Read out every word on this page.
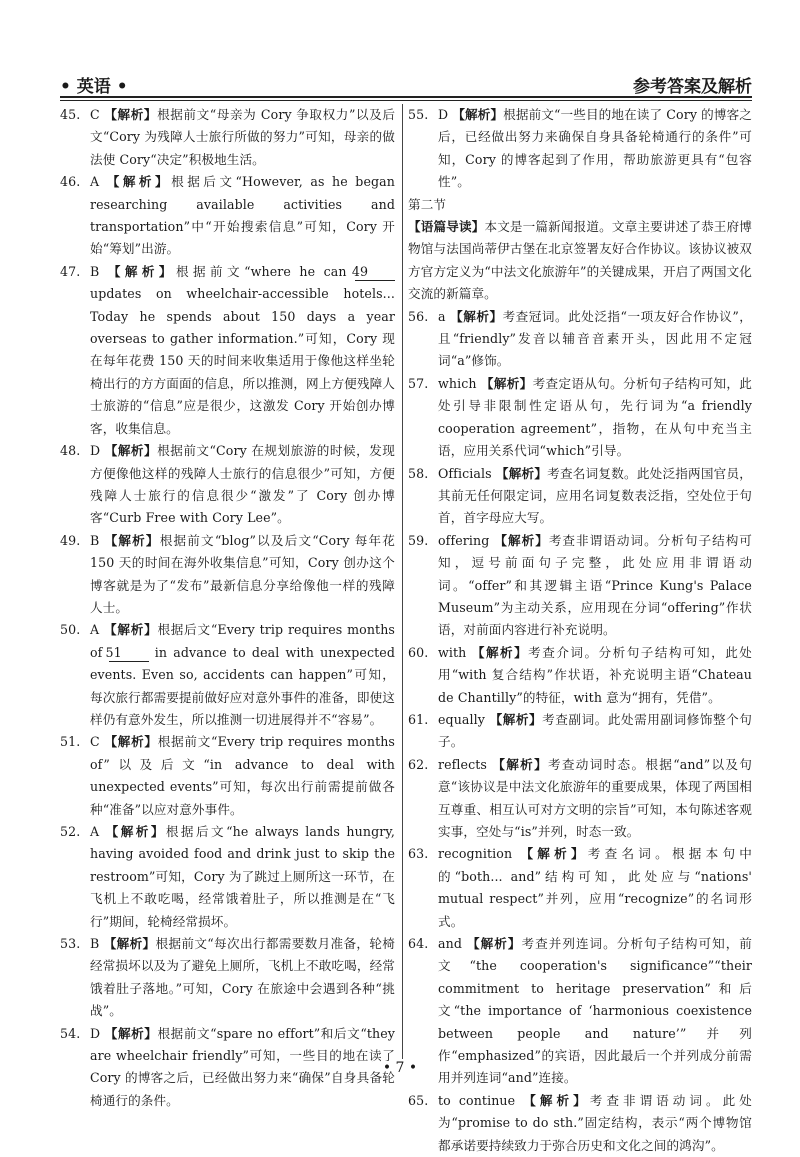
• 英语 •	参考答案及解析

45. C 【解析】根据前文“母亲为 Cory 争取权力”以及后文“Cory 为残障人士旅行所做的努力”可知，母亲的做法使 Cory“决定”积极地生活。

46. A 【解析】根据后文“However, as he began researching available activities and transportation”中“开始搜索信息”可知，Cory 开始“筹划”出游。

47. B 【解析】根据前文“where he can 49 updates on wheelchair-accessible hotels... Today he spends about 150 days a year overseas to gather information.”可知，Cory 现在每年花费 150 天的时间来收集适用于像他这样坐轮椅出行的方方面面的信息，所以推测，网上方便残障人士旅游的“信息”应是很少，这激发 Cory 开始创办博客，收集信息。

48. D 【解析】根据前文“Cory 在规划旅游的时候，发现方便像他这样的残障人士旅行的信息很少”可知，方便残障人士旅行的信息很少“激发”了 Cory 创办博客“Curb Free with Cory Lee”。

49. B 【解析】根据前文“blog”以及后文“Cory 每年花 150 天的时间在海外收集信息”可知，Cory 创办这个博客就是为了“发布”最新信息分享给像他一样的残障人士。

50. A 【解析】根据后文“Every trip requires months of 51 in advance to deal with unexpected events. Even so, accidents can happen”可知，每次旅行都需要提前做好应对意外事件的准备，即使这样仍有意外发生，所以推测一切进展得并不“容易”。

51. C 【解析】根据前文“Every trip requires months of”以及后文“in advance to deal with unexpected events”可知，每次出行前需提前做各种“准备”以应对意外事件。

52. A 【解析】根据后文“he always lands hungry, having avoided food and drink just to skip the restroom”可知，Cory 为了跳过上厕所这一环节，在飞机上不敢吃喝，经常饿着肚子，所以推测是在“飞行”期间，轮椅经常损坏。

53. B 【解析】根据前文“每次出行都需要数月准备，轮椅经常损坏以及为了避免上厕所，飞机上不敢吃喝，经常饿着肚子落地。”可知，Cory 在旅途中会遇到各种“挑战”。

54. D 【解析】根据前文“spare no effort”和后文“they are wheelchair friendly”可知，一些目的地在读了 Cory 的博客之后，已经做出努力来“确保”自身具备轮椅通行的条件。

55. D 【解析】根据前文“一些目的地在读了 Cory 的博客之后，已经做出努力来确保自身具备轮椅通行的条件”可知，Cory 的博客起到了作用，帮助旅游更具有“包容性”。

第二节

【语篇导读】本文是一篇新闻报道。文章主要讲述了恭王府博物馆与法国尚蒂伊古堡在北京签署友好合作协议。该协议被双方官方定义为“中法文化旅游年”的关键成果，开启了两国文化交流的新篇章。

56. a 【解析】考查冠词。此处泛指“一项友好合作协议”，且“friendly”发音以辅音音素开头，因此用不定冠词“a”修饰。

57. which 【解析】考查定语从句。分析句子结构可知，此处引导非限制性定语从句，先行词为“a friendly cooperation agreement”，指物，在从句中充当主语，应用关系代词“which”引导。

58. Officials 【解析】考查名词复数。此处泛指两国官员，其前无任何限定词，应用名词复数表泛指，空处位于句首，首字母应大写。

59. offering 【解析】考查非谓语动词。分析句子结构可知，逗号前面句子完整，此处应用非谓语动词。“offer”和其逻辑主语“Prince Kung's Palace Museum”为主动关系，应用现在分词“offering”作状语，对前面内容进行补充说明。

60. with 【解析】考查介词。分析句子结构可知，此处用“with 复合结构”作状语，补充说明主语“Chateau de Chantilly”的特征，with 意为“拥有，凭借”。

61. equally 【解析】考查副词。此处需用副词修饰整个句子。

62. reflects 【解析】考查动词时态。根据“and”以及句意“该协议是中法文化旅游年的重要成果，体现了两国相互尊重、相互认可对方文明的宗旨”可知，本句陈述客观实事，空处与“is”并列，时态一致。

63. recognition 【解析】考查名词。根据本句中的“both... and”结构可知，此处应与“nations' mutual respect”并列，应用“recognize”的名词形式。

64. and 【解析】考查并列连词。分析句子结构可知，前文“the cooperation's significance”“their commitment to heritage preservation”和后文“the importance of ‘harmonious coexistence between people and nature’”并列作“emphasized”的宾语，因此最后一个并列成分前需用并列连词“and”连接。

65. to continue 【解析】考查非谓语动词。此处为“promise to do sth.”固定结构，表示“两个博物馆都承诺要持续致力于弥合历史和文化之间的鸿沟”。

• 7 •
